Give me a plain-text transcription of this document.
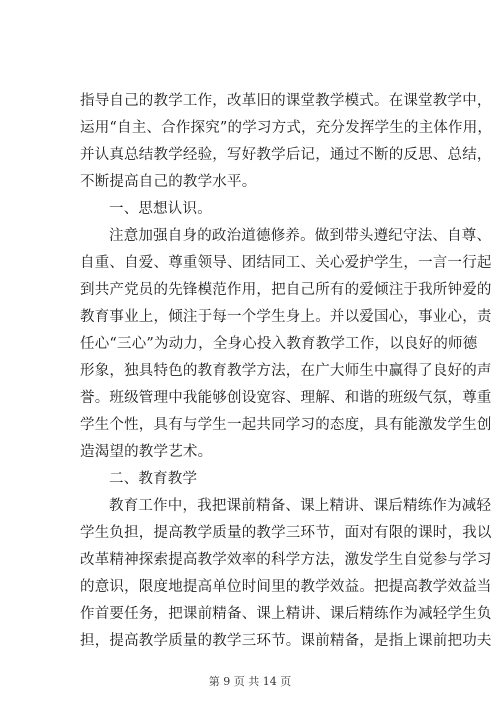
指导自己的教学工作，改革旧的课堂教学模式。在课堂教学中，
运用“自主、合作探究”的学习方式，充分发挥学生的主体作用，
并认真总结教学经验，写好教学后记，通过不断的反思、总结，
不断提高自己的教学水平。
一、思想认识。
注意加强自身的政治道德修养。做到带头遵纪守法、自尊、
自重、自爱、尊重领导、团结同工、关心爱护学生，一言一行起
到共产党员的先锋模范作用，把自己所有的爱倾注于我所钟爱的
教育事业上，倾注于每一个学生身上。并以爱国心，事业心，责
任心“三心”为动力，全身心投入教育教学工作，以良好的师德
形象，独具特色的教育教学方法，在广大师生中赢得了良好的声
誉。班级管理中我能够创设宽容、理解、和谐的班级气氛，尊重
学生个性，具有与学生一起共同学习的态度，具有能激发学生创
造渴望的教学艺术。
二、教育教学
教育工作中，我把课前精备、课上精讲、课后精练作为减轻
学生负担，提高教学质量的教学三环节，面对有限的课时，我以
改革精神探索提高教学效率的科学方法，激发学生自觉参与学习
的意识，限度地提高单位时间里的教学效益。把提高教学效益当
作首要任务，把课前精备、课上精讲、课后精练作为减轻学生负
担，提高教学质量的教学三环节。课前精备，是指上课前把功夫
第 9 页 共 14 页
